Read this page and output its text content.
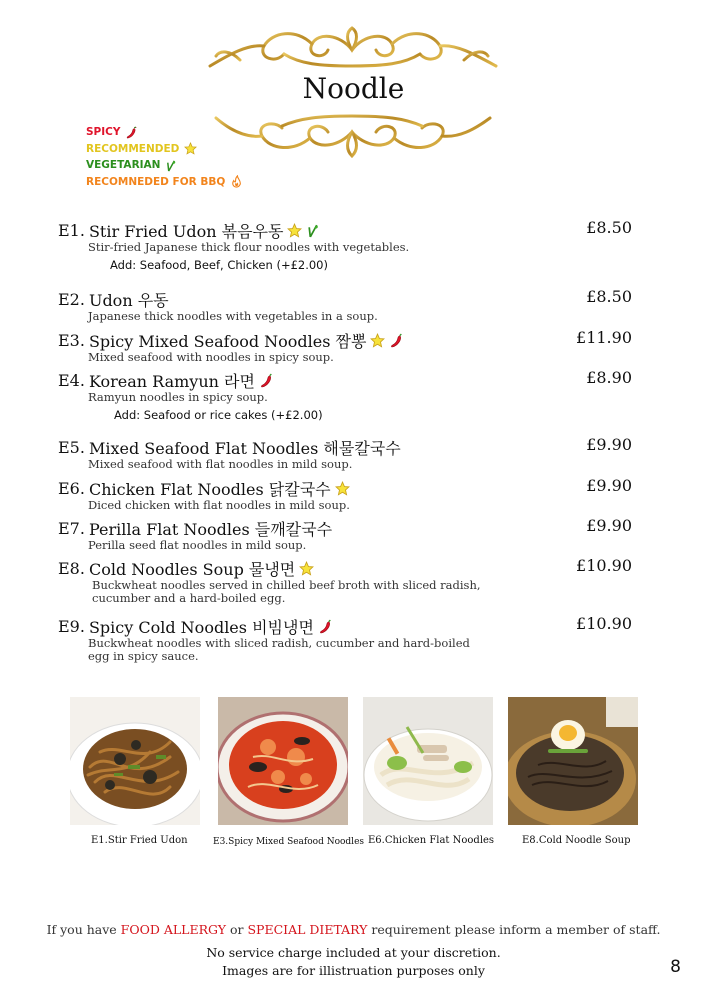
Noodle
SPICY
RECOMMENDED
VEGETARIAN
RECOMNEDED FOR BBQ
E1. Stir Fried Udon 볶음우동	£8.50
Stir-fried Japanese thick flour noodles with vegetables.
Add: Seafood, Beef, Chicken (+£2.00)
E2. Udon 우동	£8.50
Japanese thick noodles with vegetables in a soup.
E3. Spicy Mixed Seafood Noodles 짬뽕	£11.90
Mixed seafood with noodles in spicy soup.
E4. Korean Ramyun 라면	£8.90
Ramyun noodles in spicy soup.
Add: Seafood or rice cakes (+£2.00)
E5. Mixed Seafood Flat Noodles 해물칼국수	£9.90
Mixed seafood with flat noodles in mild soup.
E6. Chicken Flat Noodles 닭칼국수	£9.90
Diced chicken with flat noodles in mild soup.
E7. Perilla Flat Noodles 들깨칼국수	£9.90
Perilla seed flat noodles in mild soup.
E8. Cold Noodles Soup 물냉면	£10.90
Buckwheat noodles served in chilled beef broth with sliced radish,
cucumber and a hard-boiled egg.
E9. Spicy Cold Noodles 비빔냉면	£10.90
Buckwheat noodles with sliced radish, cucumber and hard-boiled
egg in spicy sauce.
E1.Stir Fried Udon	E3.Spicy Mixed Seafood Noodles E6.Chicken Flat Noodles	E8.Cold Noodle Soup
If you have FOOD ALLERGY or SPECIAL DIETARY requirement please inform a member of staff.
No service charge included at your discretion.
Images are for illistruation purposes only	8
